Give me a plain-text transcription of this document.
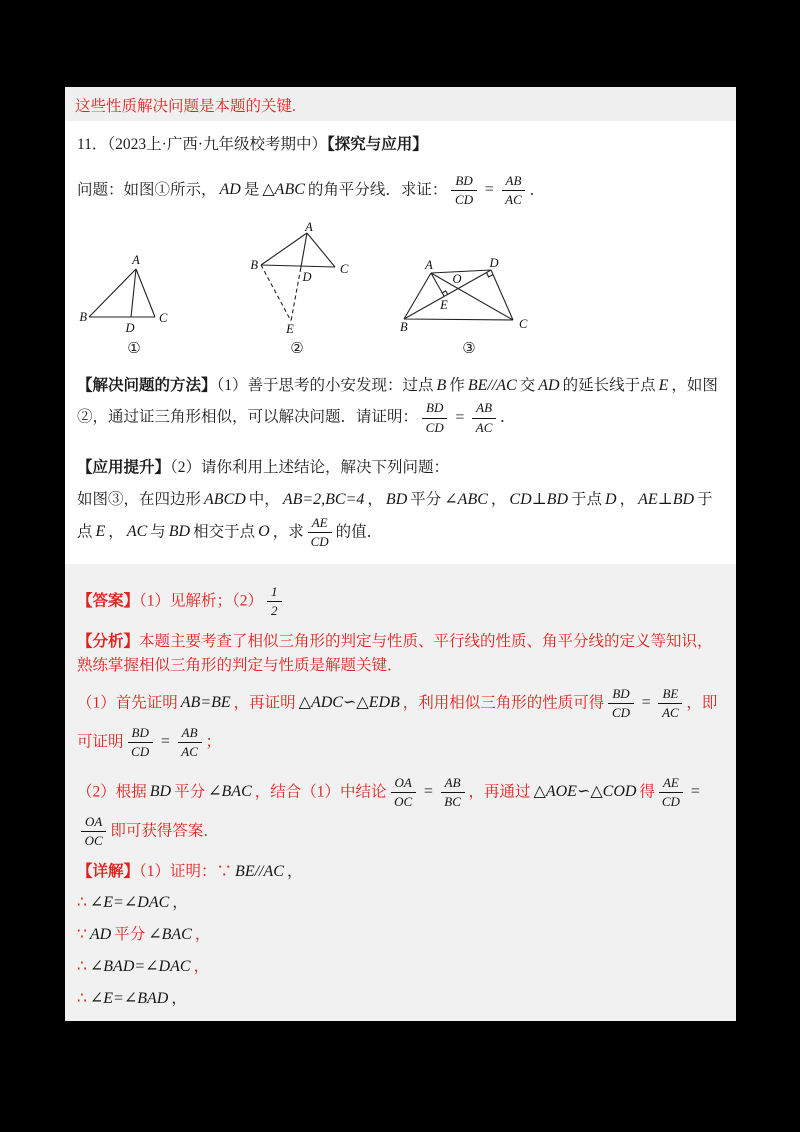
这些性质解决问题是本题的关键.
11．（2023上·广西·九年级校考期中）【探究与应用】
问题：如图①所示， AD 是 △ABC 的角平分线．求证： $\frac{BD}{CD} = \frac{AB}{AC}$ ．
A
B	C
D
①
A
B	C
D
E
②
A	D
B	C
O
E
③
【解决问题的方法】（1）善于思考的小安发现：过点 B 作 BE//AC 交 AD 的延长线于点 E ，如图②，通过证三角形相似，可以解决问题．请证明： $\frac{BD}{CD} = \frac{AB}{AC}$ ．
【应用提升】（2）请你利用上述结论，解决下列问题：
如图③，在四边形 ABCD 中， AB=2,BC=4 ， BD 平分 ∠ABC ， CD⊥BD 于点 D ， AE⊥BD 于点 E ， AC 与 BD 相交于点 O ，求 $\frac{AE}{CD}$ 的值．
【答案】（1）见解析；$(2) \frac{1}{2}$
【分析】本题主要考查了相似三角形的判定与性质、平行线的性质、角平分线的定义等知识，熟练掌握相似三角形的判定与性质是解题关键．
（1）首先证明 AB=BE ，再证明 △ADC∽△EDB ，利用相似三角形的性质可得 $\frac{BD}{CD} = \frac{BE}{AC}$ ，即可证明 $\frac{BD}{CD} = \frac{AB}{AC}$ ；
（2）根据 BD 平分 ∠BAC ，结合（1）中结论 $\frac{OA}{OC} = \frac{AB}{BC}$ ，再通过 △AOE∽△COD 得 $\frac{AE}{CD}$ =
$\frac{OA}{OC}$ 即可获得答案．
【详解】（1）证明：∵ BE//AC ，
∴ ∠E=∠DAC ，
∵ AD 平分 ∠BAC ，
∴ ∠BAD=∠DAC ，
∴ ∠E=∠BAD ，
